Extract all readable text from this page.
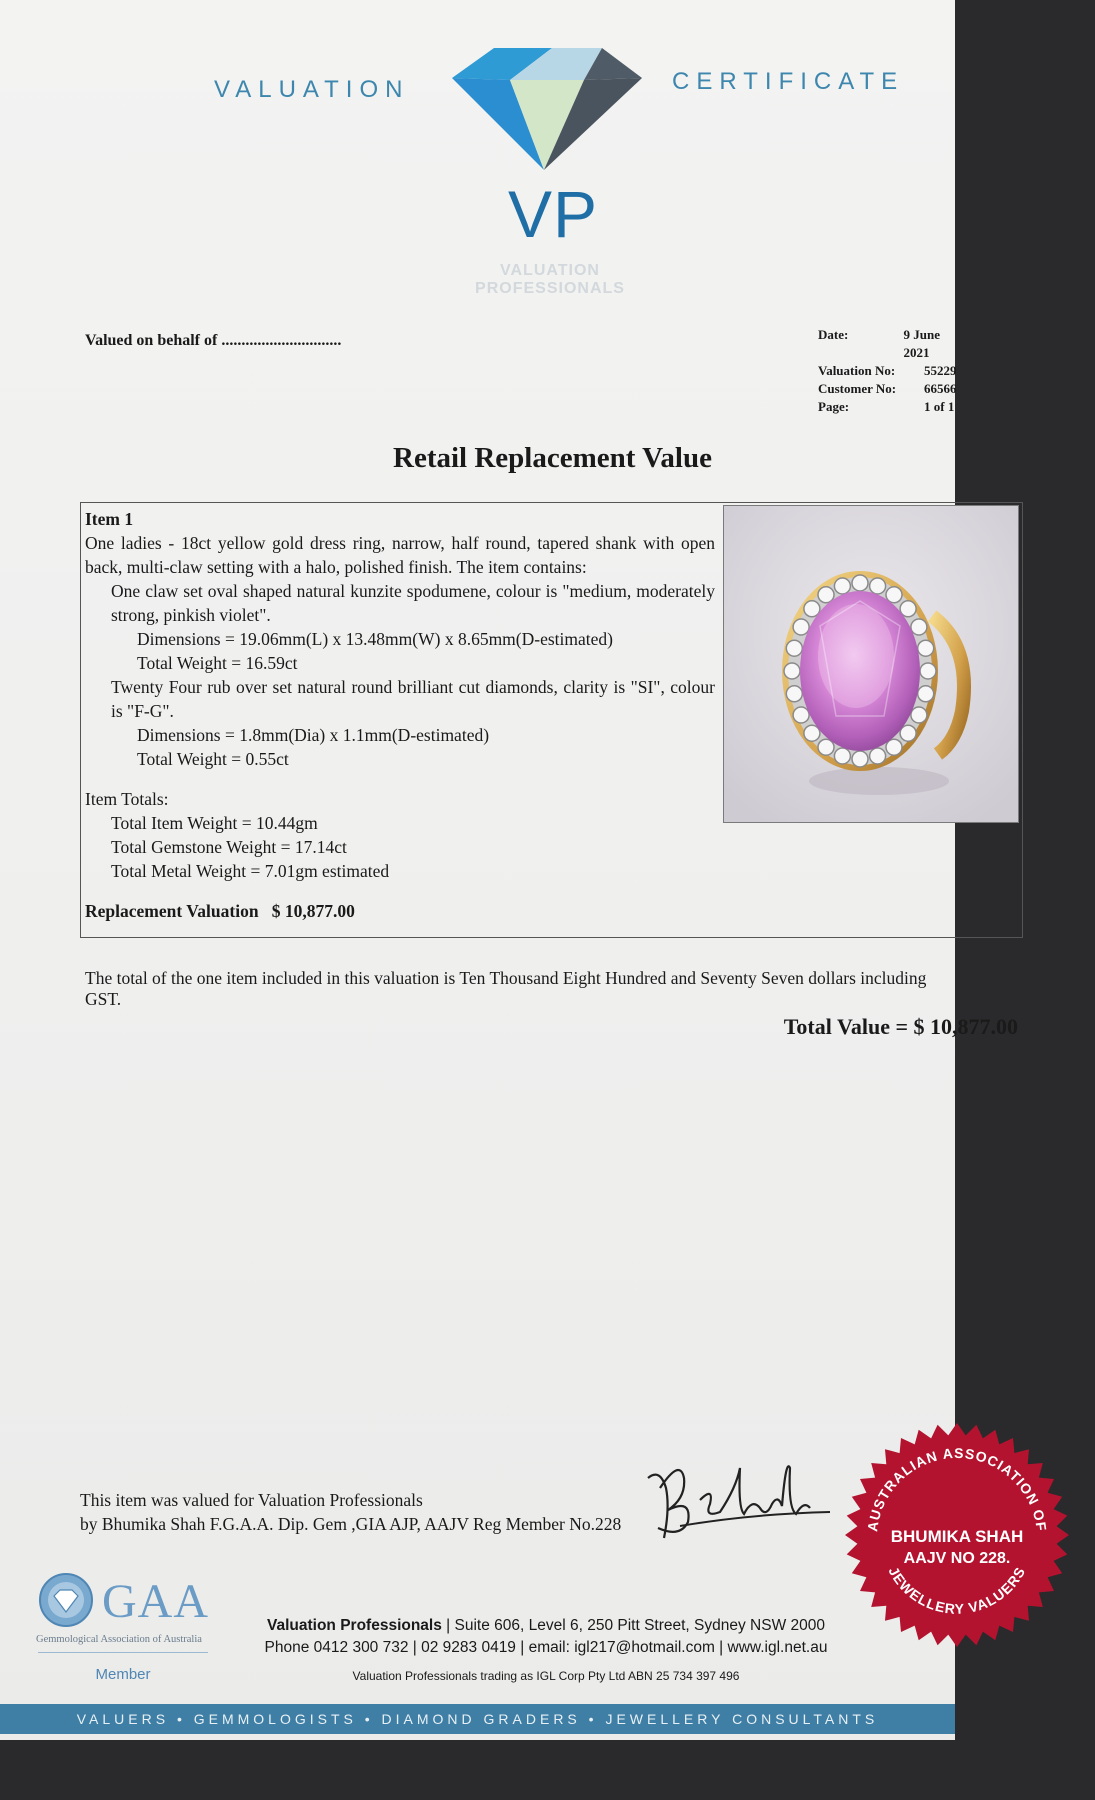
VALUATION	CERTIFICATE
VP
VALUATION
PROFESSIONALS
Valued on behalf of ..............................	Date:	9 June 2021
Valuation No:	55229
Customer No:	66566
Page:	1 of 1
Retail Replacement Value
Item 1
One ladies - 18ct yellow gold dress ring, narrow, half round, tapered shank with open back, multi-claw setting with a halo, polished finish. The item contains:
One claw set oval shaped natural kunzite spodumene, colour is "medium, moderately strong, pinkish violet".
Dimensions = 19.06mm(L) x 13.48mm(W) x 8.65mm(D-estimated)
Total Weight = 16.59ct
Twenty Four rub over set natural round brilliant cut diamonds, clarity is "SI", colour is "F-G".
Dimensions = 1.8mm(Dia) x 1.1mm(D-estimated)
Total Weight = 0.55ct
Item Totals:
Total Item Weight = 10.44gm
Total Gemstone Weight = 17.14ct
Total Metal Weight = 7.01gm estimated
Replacement Valuation $ 10,877.00
The total of the one item included in this valuation is Ten Thousand Eight Hundred and Seventy Seven dollars including GST.
Total Value = $ 10,877.00
This item was valued for Valuation Professionals
by Bhumika Shah F.G.A.A. Dip. Gem ,GIA AJP, AAJV Reg Member No.228	AUSTRALIAN ASSOCIATION OF
JEWELLERY VALUERS
BHUMIKA SHAH
AAJV NO 228.
GAA
Gemmological Association of Australia
Member
Valuation Professionals | Suite 606, Level 6, 250 Pitt Street, Sydney NSW 2000
Phone 0412 300 732 | 02 9283 0419 | email: igl217@hotmail.com | www.igl.net.au
Valuation Professionals trading as IGL Corp Pty Ltd ABN 25 734 397 496
VALUERS • GEMMOLOGISTS • DIAMOND GRADERS • JEWELLERY CONSULTANTS
